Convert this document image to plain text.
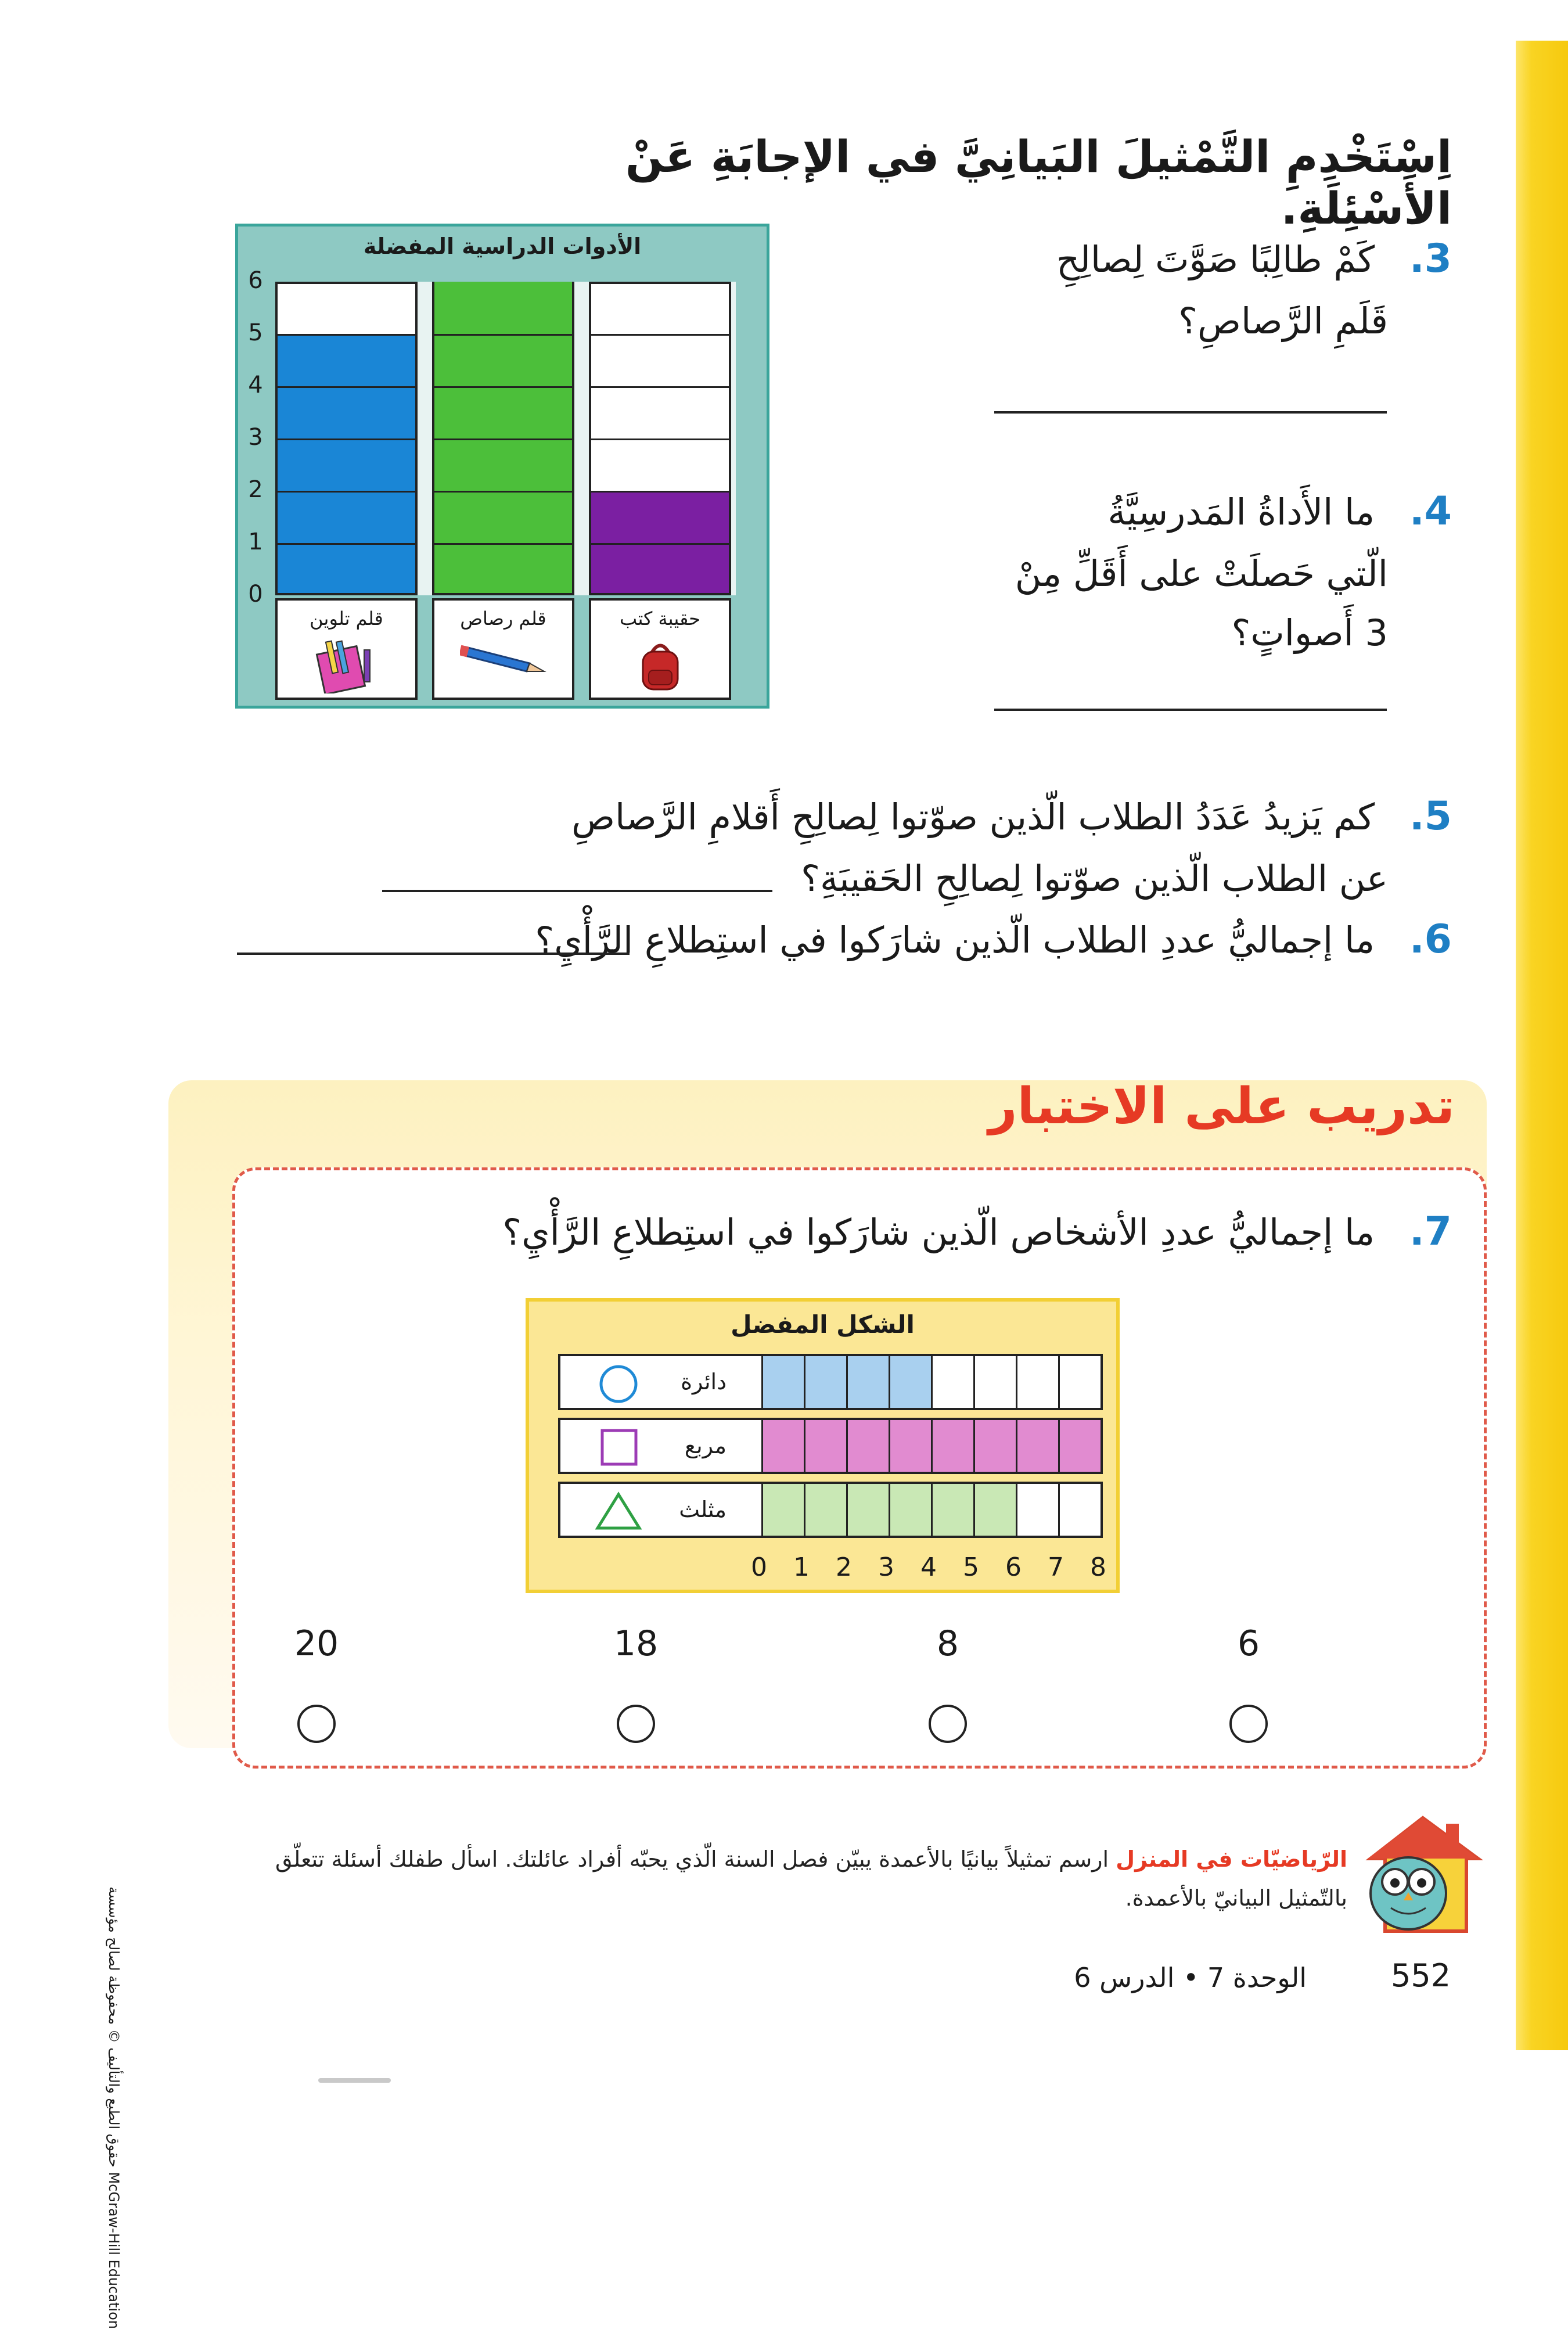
اِسْتَخْدِمِ التَّمْثيلَ البَيانِيَّ في الإجابَةِ عَنْ الأَسْئِلَةِ.
3. كَمْ طالِبًا صَوَّتَ لِصالِحِ
قَلَمِ الرَّصاصِ؟
4. ما الأَداةُ المَدرسِيَّةُ
الّتي حَصلَتْ على أَقَلِّ مِنْ
3 أَصواتٍ؟
الأدوات الدراسية المفضلة
0
1
2
3
4
5
6
قلم تلوين	قلم رصاص	حقيبة كتب
5. كم يَزيدُ عَدَدُ الطلاب الّذين صوّتوا لِصالِحِ أَقلامِ الرَّصاصِ
عن الطلاب الّذين صوّتوا لِصالِحِ الحَقيبَةِ؟
6. ما إجماليُّ عددِ الطلاب الّذين شارَكوا في استِطلاعِ الرَّأْيِ؟
تدريب على الاختبار
7. ما إجماليُّ عددِ الأشخاص الّذين شارَكوا في استِطلاعِ الرَّأْيِ؟
الشكل المفضل
دائرة
مربع
مثلث
0 1 2 3 4 5 6 7 8
20	18	8	6
الرّياضيّات في المنزل ارسم تمثيلاً بيانيًا بالأعمدة يبيّن فصل السنة الّذي يحبّه أفراد عائلتك. اسأل طفلك أسئلة تتعلّق بالتّمثيل البيانيّ بالأعمدة.
الوحدة 7 • الدرس 6	552
McGraw-Hill Education حقوق الطبع والتأليف © محفوظة لصالح مؤسسة
